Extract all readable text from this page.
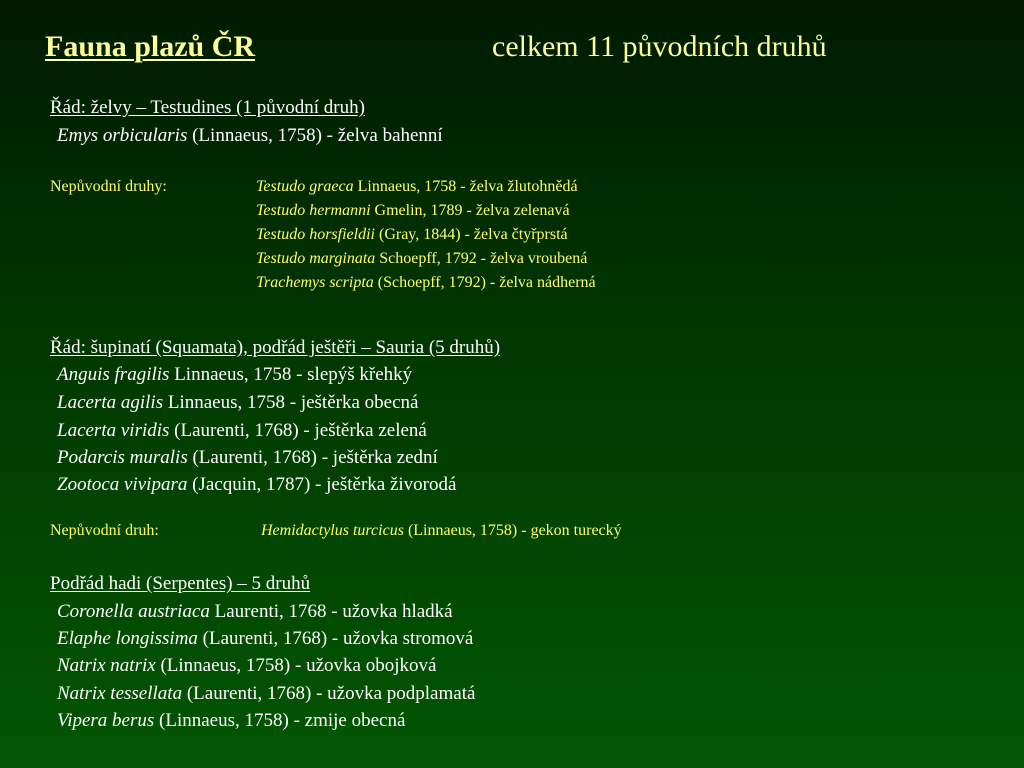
Fauna plazů ČR	celkem 11 původních druhů
Řád: želvy – Testudines (1 původní druh)
Emys orbicularis (Linnaeus, 1758) - želva bahenní
Nepůvodní druhy:	Testudo graeca Linnaeus, 1758 - želva žlutohnědá
Testudo hermanni Gmelin, 1789 - želva zelenavá
Testudo horsfieldii (Gray, 1844) - želva čtyřprstá
Testudo marginata Schoepff, 1792 - želva vroubená
Trachemys scripta (Schoepff, 1792) - želva nádherná
Řád: šupinatí (Squamata), podřád ještěři – Sauria (5 druhů)
Anguis fragilis Linnaeus, 1758 - slepýš křehký
Lacerta agilis Linnaeus, 1758 - ještěrka obecná
Lacerta viridis (Laurenti, 1768) - ještěrka zelená
Podarcis muralis (Laurenti, 1768) - ještěrka zední
Zootoca vivipara (Jacquin, 1787) - ještěrka živorodá
Nepůvodní druh:	Hemidactylus turcicus (Linnaeus, 1758) - gekon turecký
Podřád hadi (Serpentes) – 5 druhů
Coronella austriaca Laurenti, 1768 - užovka hladká
Elaphe longissima (Laurenti, 1768) - užovka stromová
Natrix natrix (Linnaeus, 1758) - užovka obojková
Natrix tessellata (Laurenti, 1768) - užovka podplamatá
Vipera berus (Linnaeus, 1758) - zmije obecná
